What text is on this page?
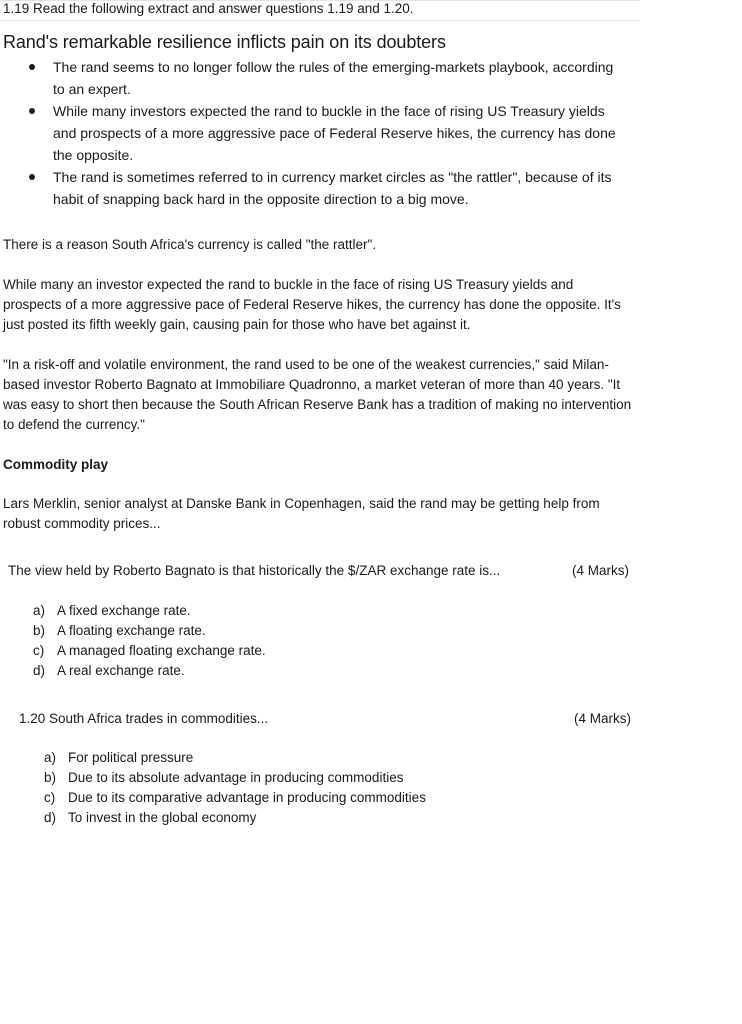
1.19 Read the following extract and answer questions 1.19 and 1.20.
Rand's remarkable resilience inflicts pain on its doubters
The rand seems to no longer follow the rules of the emerging-markets playbook, according to an expert.
While many investors expected the rand to buckle in the face of rising US Treasury yields and prospects of a more aggressive pace of Federal Reserve hikes, the currency has done the opposite.
The rand is sometimes referred to in currency market circles as "the rattler", because of its habit of snapping back hard in the opposite direction to a big move.

There is a reason South Africa's currency is called "the rattler".

While many an investor expected the rand to buckle in the face of rising US Treasury yields and prospects of a more aggressive pace of Federal Reserve hikes, the currency has done the opposite. It's just posted its fifth weekly gain, causing pain for those who have bet against it.

"In a risk-off and volatile environment, the rand used to be one of the weakest currencies," said Milan-based investor Roberto Bagnato at Immobiliare Quadronno, a market veteran of more than 40 years. "It was easy to short then because the South African Reserve Bank has a tradition of making no intervention to defend the currency."

Commodity play

Lars Merklin, senior analyst at Danske Bank in Copenhagen, said the rand may be getting help from robust commodity prices...

The view held by Roberto Bagnato is that historically the $/ZAR exchange rate is...	(4 Marks)
a) A fixed exchange rate.
b) A floating exchange rate.
c) A managed floating exchange rate.
d) A real exchange rate.
1.20 South Africa trades in commodities...	(4 Marks)
a) For political pressure
b) Due to its absolute advantage in producing commodities
c) Due to its comparative advantage in producing commodities
d) To invest in the global economy
